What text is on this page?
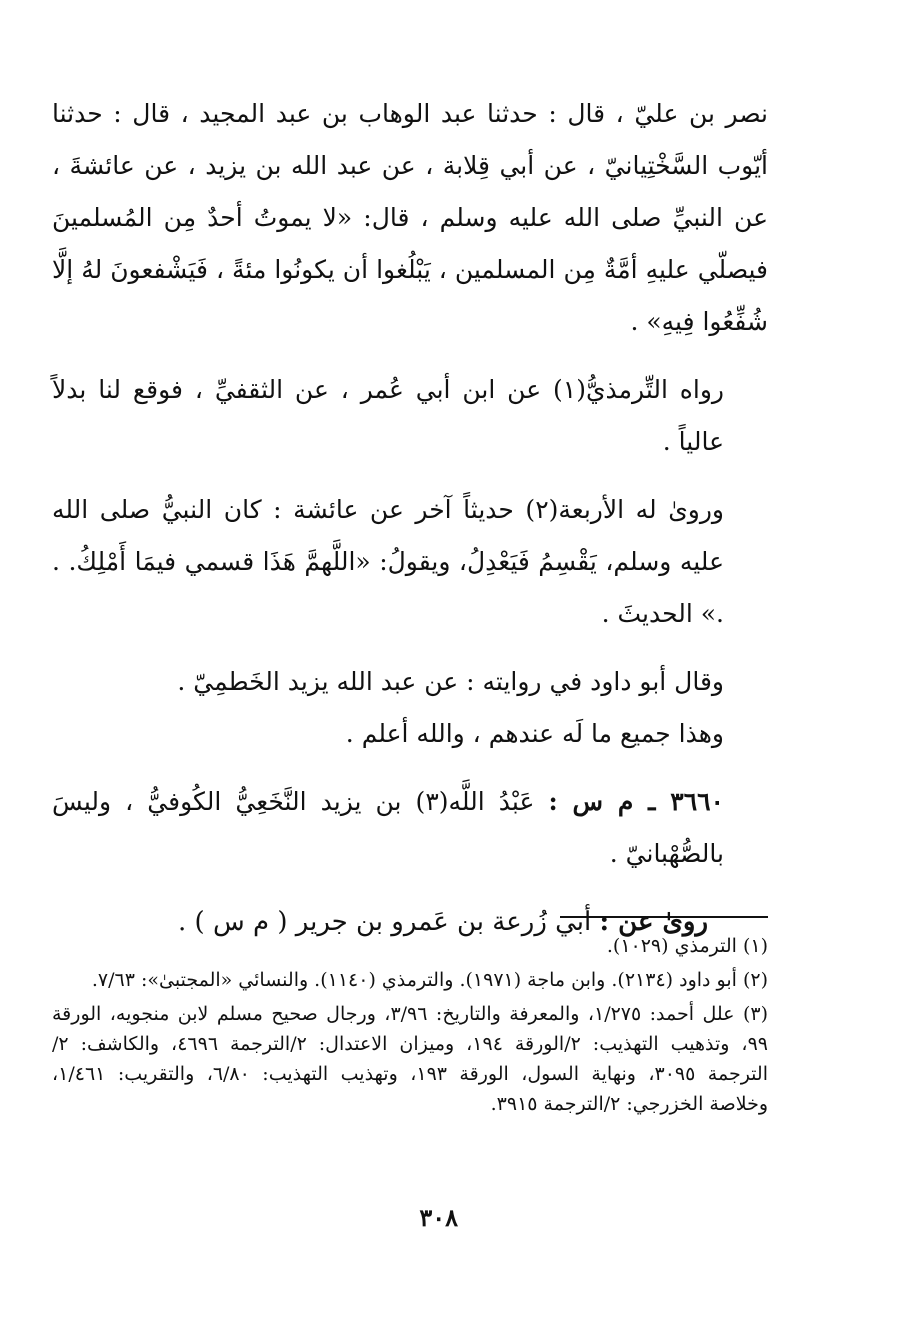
نصر بن عليّ ، قال : حدثنا عبد الوهاب بن عبد المجيد ، قال : حدثنا أيّوب السَّخْتِيانيّ ، عن أبي قِلابة ، عن عبد الله بن يزيد ، عن عائشةَ ، عن النبيِّ صلى الله عليه وسلم ، قال: «لا يموتُ أحدٌ مِن المُسلمينَ فيصلّي عليهِ أمَّةٌ مِن المسلمين ، يَبْلُغوا أن يكونُوا مئةً ، فَيَشْفعونَ لهُ إلَّا شُفِّعُوا فِيهِ» .

رواه التِّرمذيُّ(١) عن ابن أبي عُمر ، عن الثقفيِّ ، فوقع لنا بدلاً عالياً .

وروىٰ له الأربعة(٢) حديثاً آخر عن عائشة : كان النبيُّ صلى الله عليه وسلم، يَقْسِمُ فَيَعْدِلُ، ويقولُ: «اللَّهمَّ هَذَا قسمي فيمَا أَمْلِكُ. . .» الحديثَ .

وقال أبو داود في روايته : عن عبد الله يزيد الخَطمِيّ .

وهذا جميع ما لَه عندهم ، والله أعلم .

٣٦٦٠ ـ م س : عَبْدُ اللَّه(٣) بن يزيد النَّخَعِيُّ الكُوفيُّ ، وليسَ بالصُّهْبانيّ .

روىٰ عن : أبي زُرعة بن عَمرو بن جرير ( م س ) .

(١) الترمذي (١٠٢٩).

(٢) أبو داود (٢١٣٤). وابن ماجة (١٩٧١). والترمذي (١١٤٠). والنسائي «المجتبىٰ»: ٧/٦٣.

(٣) علل أحمد: ١/٢٧٥، والمعرفة والتاريخ: ٣/٩٦، ورجال صحيح مسلم لابن منجويه، الورقة ٩٩، وتذهيب التهذيب: ٢/الورقة ١٩٤، وميزان الاعتدال: ٢/الترجمة ٤٦٩٦، والكاشف: ٢/الترجمة ٣٠٩٥، ونهاية السول، الورقة ١٩٣، وتهذيب التهذيب: ٦/٨٠، والتقريب: ١/٤٦١، وخلاصة الخزرجي: ٢/الترجمة ٣٩١٥.

٣٠٨
